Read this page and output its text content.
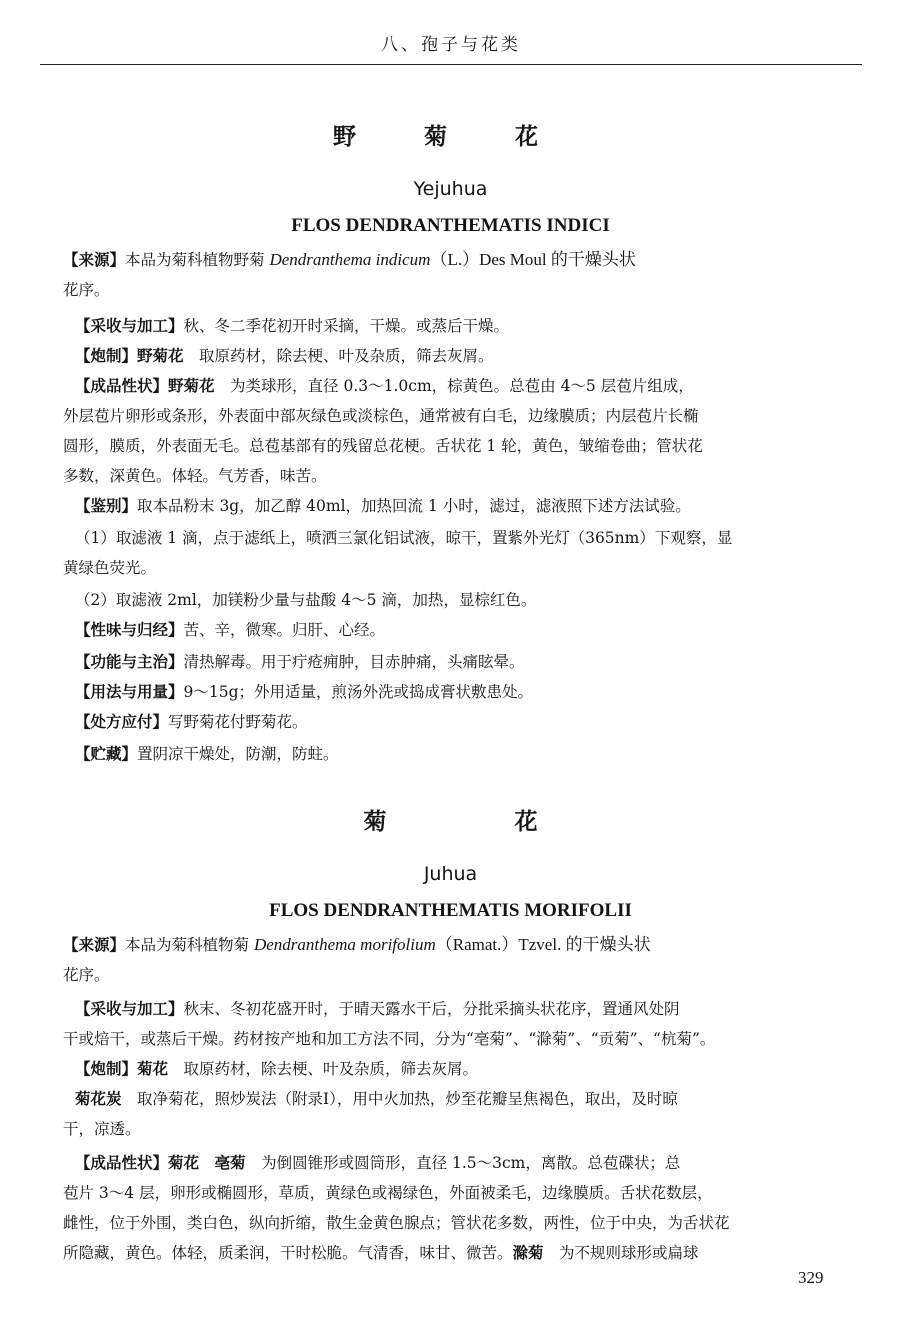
八、孢子与花类
野 菊 花
Yejuhua
FLOS DENDRANTHEMATIS INDICI
【来源】本品为菊科植物野菊 Dendranthema indicum（L.）Des Moul 的干燥头状
花序。
【采收与加工】秋、冬二季花初开时采摘，干燥。或蒸后干燥。
【炮制】野菊花　取原药材，除去梗、叶及杂质，筛去灰屑。
【成品性状】野菊花　为类球形，直径 0.3～1.0cm，棕黄色。总苞由 4～5 层苞片组成，
外层苞片卵形或条形，外表面中部灰绿色或淡棕色，通常被有白毛，边缘膜质；内层苞片长椭
圆形，膜质，外表面无毛。总苞基部有的残留总花梗。舌状花 1 轮，黄色，皱缩卷曲；管状花
多数，深黄色。体轻。气芳香，味苦。
【鉴别】取本品粉末 3g，加乙醇 40ml，加热回流 1 小时，滤过，滤液照下述方法试验。
（1）取滤液 1 滴，点于滤纸上，喷洒三氯化铝试液，晾干，置紫外光灯（365nm）下观察，显
黄绿色荧光。
（2）取滤液 2ml，加镁粉少量与盐酸 4～5 滴，加热，显棕红色。
【性味与归经】苦、辛，微寒。归肝、心经。
【功能与主治】清热解毒。用于疔疮痈肿，目赤肿痛，头痛眩晕。
【用法与用量】9～15g；外用适量，煎汤外洗或捣成膏状敷患处。
【处方应付】写野菊花付野菊花。
【贮藏】置阴凉干燥处，防潮，防蛀。
菊 花
Juhua
FLOS DENDRANTHEMATIS MORIFOLII
【来源】本品为菊科植物菊 Dendranthema morifolium（Ramat.）Tzvel. 的干燥头状
花序。
【采收与加工】秋末、冬初花盛开时，于晴天露水干后，分批采摘头状花序，置通风处阴
干或焙干，或蒸后干燥。药材按产地和加工方法不同，分为“亳菊”、“滁菊”、“贡菊”、“杭菊”。
【炮制】菊花　取原药材，除去梗、叶及杂质，筛去灰屑。
菊花炭　取净菊花，照炒炭法（附录Ⅰ），用中火加热，炒至花瓣呈焦褐色，取出，及时晾
干，凉透。
【成品性状】菊花　 亳菊　为倒圆锥形或圆筒形，直径 1.5～3cm，离散。总苞碟状；总
苞片 3～4 层，卵形或椭圆形，草质，黄绿色或褐绿色，外面被柔毛，边缘膜质。舌状花数层，
雌性，位于外围，类白色，纵向折缩，散生金黄色腺点；管状花多数，两性，位于中央，为舌状花
所隐藏，黄色。体轻，质柔润，干时松脆。气清香，味甘、微苦。滁菊　为不规则球形或扁球
329
